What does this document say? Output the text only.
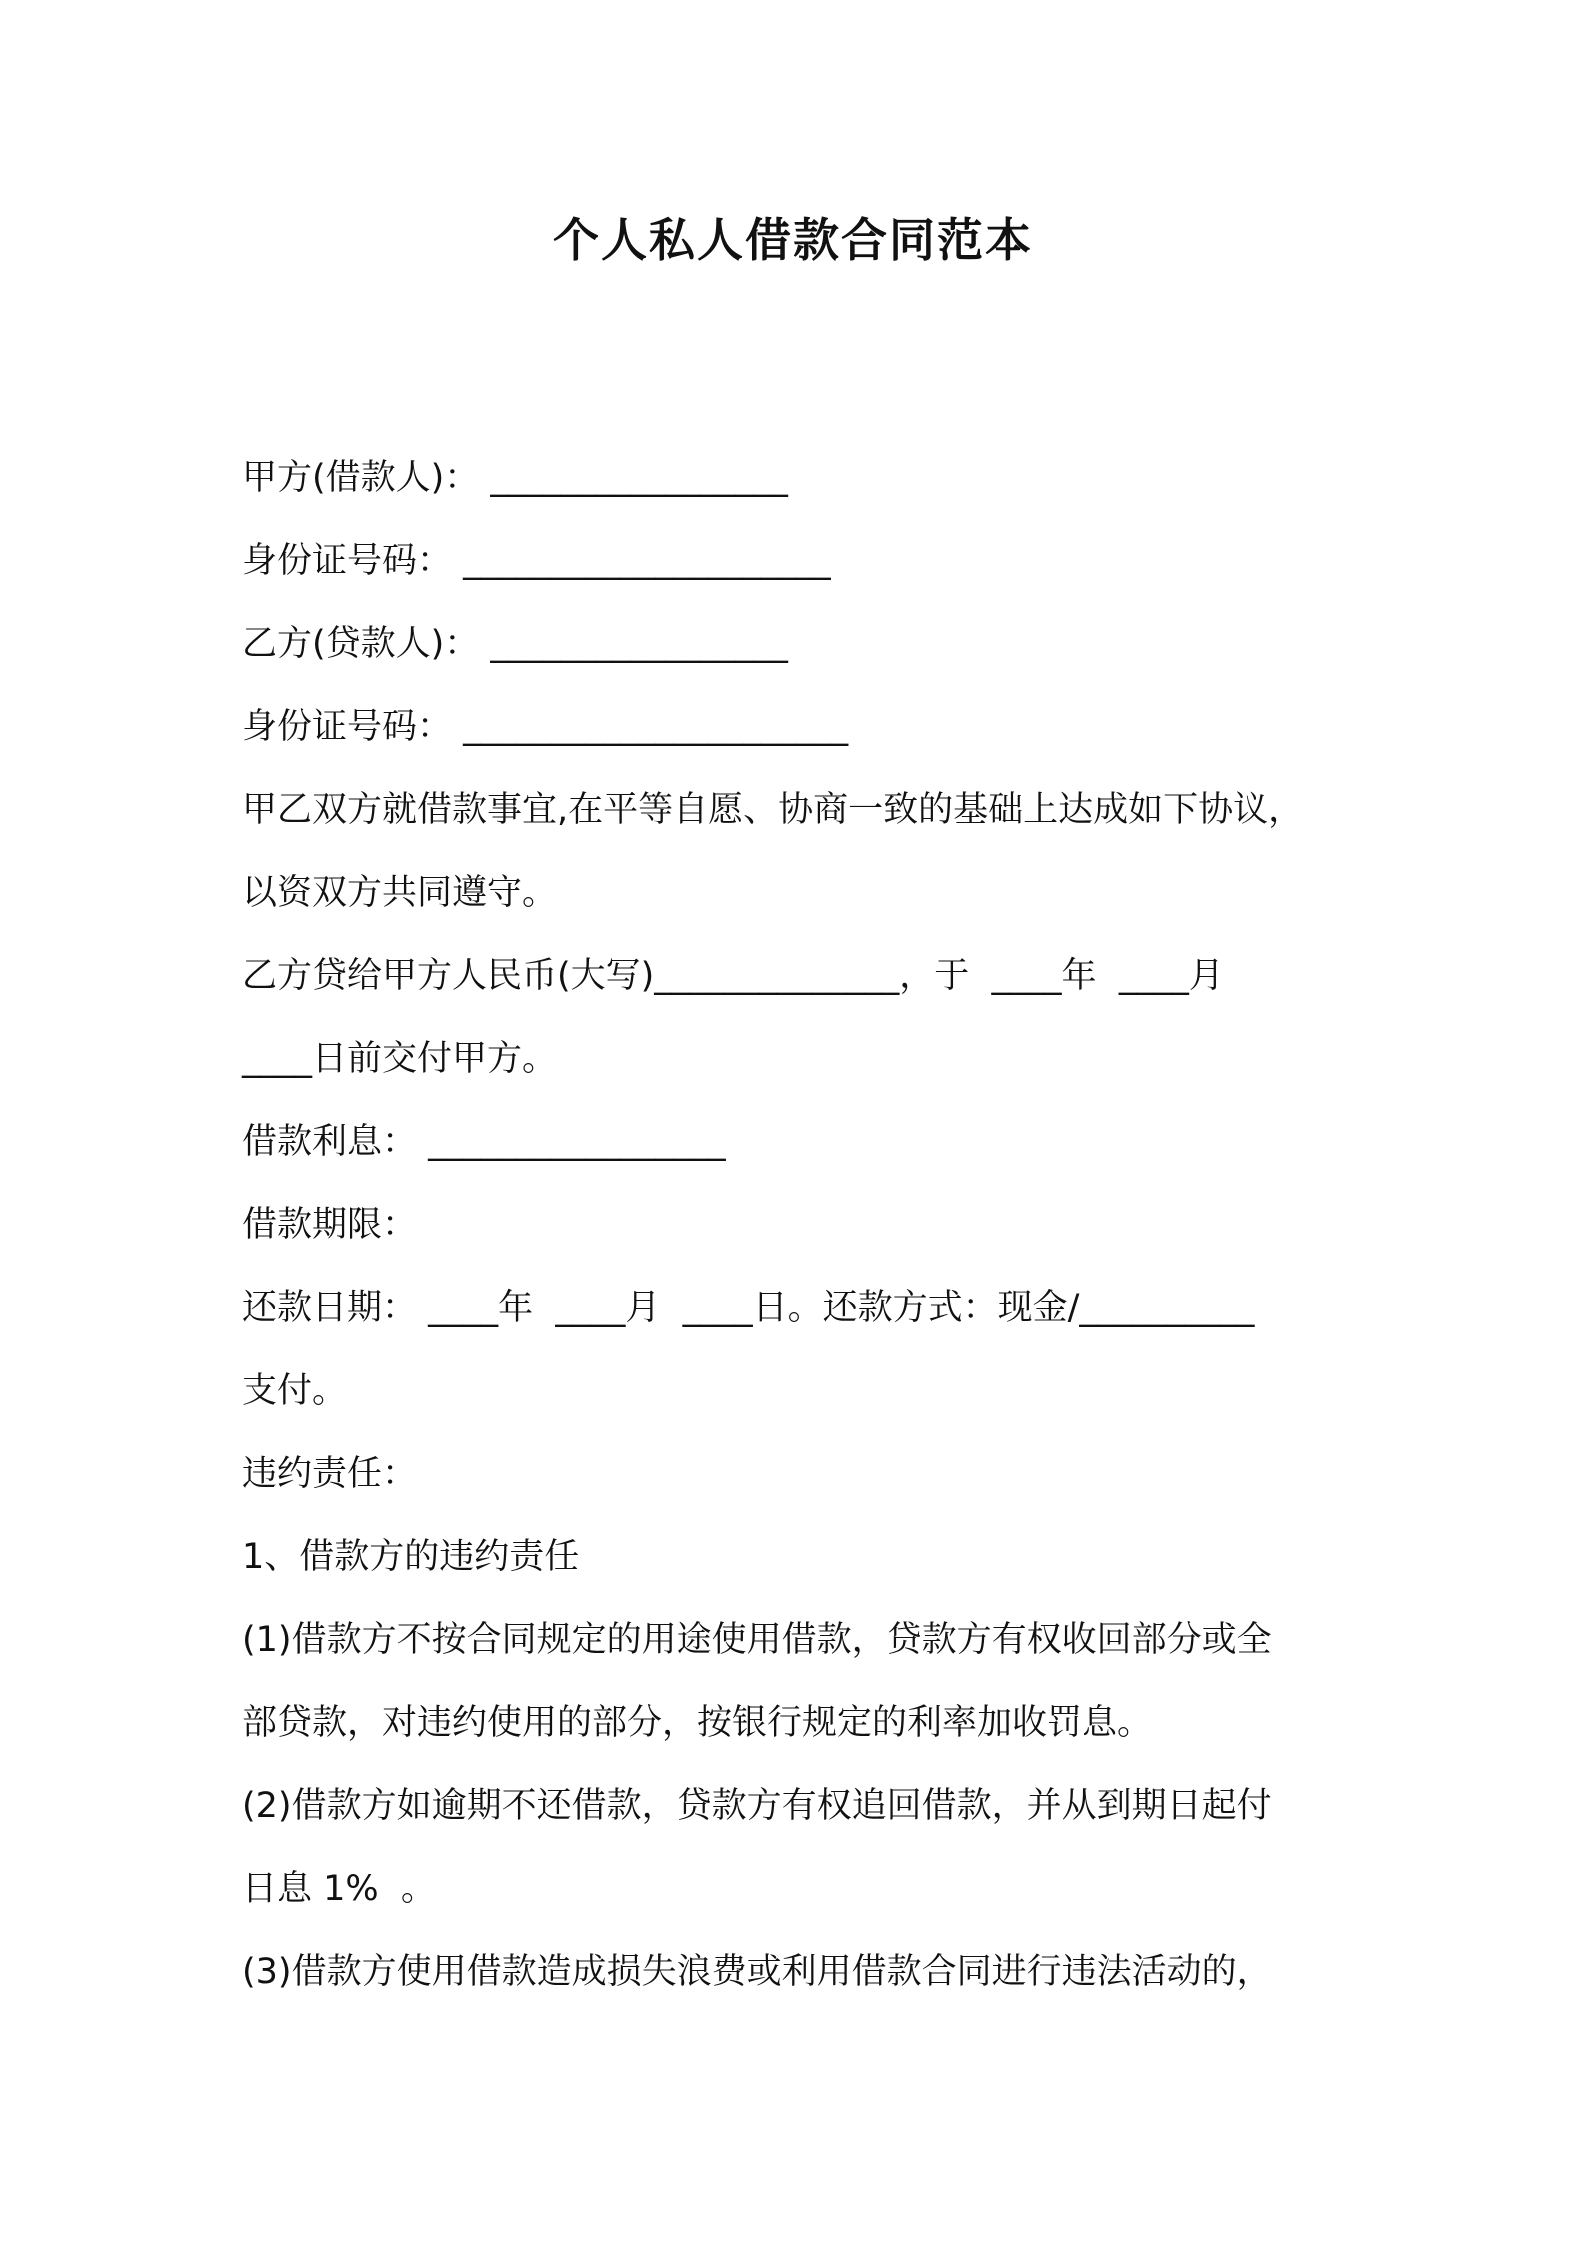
个人私人借款合同范本
甲方(借款人)： _________________
身份证号码： _____________________
乙方(贷款人)： _________________
身份证号码： ______________________
甲乙双方就借款事宜,在平等自愿、协商一致的基础上达成如下协议，
以资双方共同遵守。
乙方贷给甲方人民币(大写)______________，于  ____年  ____月
____日前交付甲方。
借款利息： _________________
借款期限：
还款日期： ____年  ____月  ____日。还款方式：现金/__________
支付。
违约责任：
1、借款方的违约责任
(1)借款方不按合同规定的用途使用借款，贷款方有权收回部分或全
部贷款，对违约使用的部分，按银行规定的利率加收罚息。
(2)借款方如逾期不还借款，贷款方有权追回借款，并从到期日起付
日息 1%  。
(3)借款方使用借款造成损失浪费或利用借款合同进行违法活动的，
